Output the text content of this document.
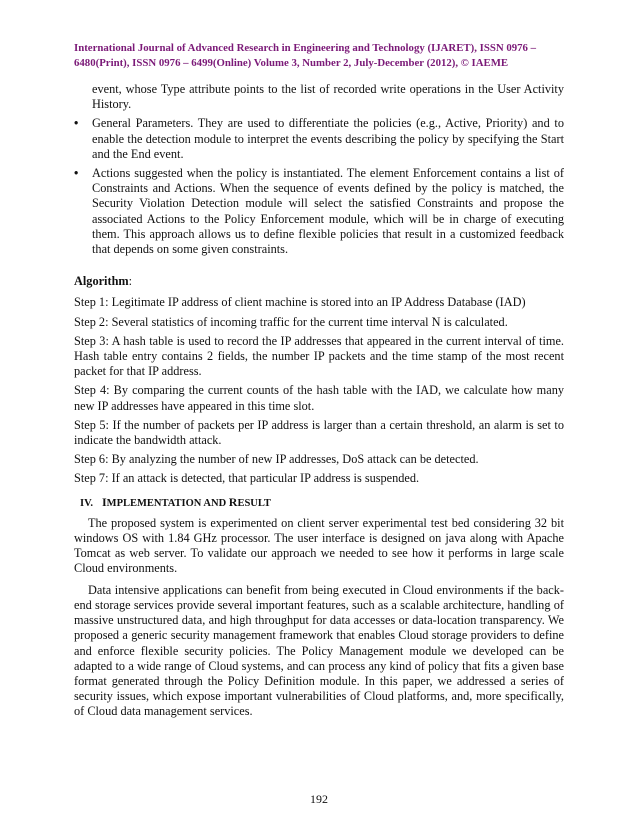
International Journal of Advanced Research in Engineering and Technology (IJARET), ISSN 0976 –
6480(Print), ISSN 0976 – 6499(Online) Volume 3, Number 2, July-December (2012), © IAEME

event, whose Type attribute points to the list of recorded write operations in the User Activity History.

• General Parameters. They are used to differentiate the policies (e.g., Active, Priority) and to enable the detection module to interpret the events describing the policy by specifying the Start and the End event.
• Actions suggested when the policy is instantiated. The element Enforcement contains a list of Constraints and Actions. When the sequence of events defined by the policy is matched, the Security Violation Detection module will select the satisfied Constraints and propose the associated Actions to the Policy Enforcement module, which will be in charge of executing them. This approach allows us to define flexible policies that result in a customized feedback that depends on some given constraints.

Algorithm:

Step 1: Legitimate IP address of client machine is stored into an IP Address Database (IAD)

Step 2: Several statistics of incoming traffic for the current time interval N is calculated.

Step 3: A hash table is used to record the IP addresses that appeared in the current interval of time. Hash table entry contains 2 fields, the number IP packets and the time stamp of the most recent packet for that IP address.

Step 4: By comparing the current counts of the hash table with the IAD, we calculate how many new IP addresses have appeared in this time slot.

Step 5: If the number of packets per IP address is larger than a certain threshold, an alarm is set to indicate the bandwidth attack.

Step 6: By analyzing the number of new IP addresses, DoS attack can be detected.

Step 7: If an attack is detected, that particular IP address is suspended.

IV. IMPLEMENTATION AND RESULT

The proposed system is experimented on client server experimental test bed considering 32 bit windows OS with 1.84 GHz processor. The user interface is designed on java along with Apache Tomcat as web server. To validate our approach we needed to see how it performs in large scale Cloud environments.

Data intensive applications can benefit from being executed in Cloud environments if the back-end storage services provide several important features, such as a scalable architecture, handling of massive unstructured data, and high throughput for data accesses or data-location transparency. We proposed a generic security management framework that enables Cloud storage providers to define and enforce flexible security policies. The Policy Management module we developed can be adapted to a wide range of Cloud systems, and can process any kind of policy that fits a given base format generated through the Policy Definition module. In this paper, we addressed a series of security issues, which expose important vulnerabilities of Cloud platforms, and, more specifically, of Cloud data management services.

192
